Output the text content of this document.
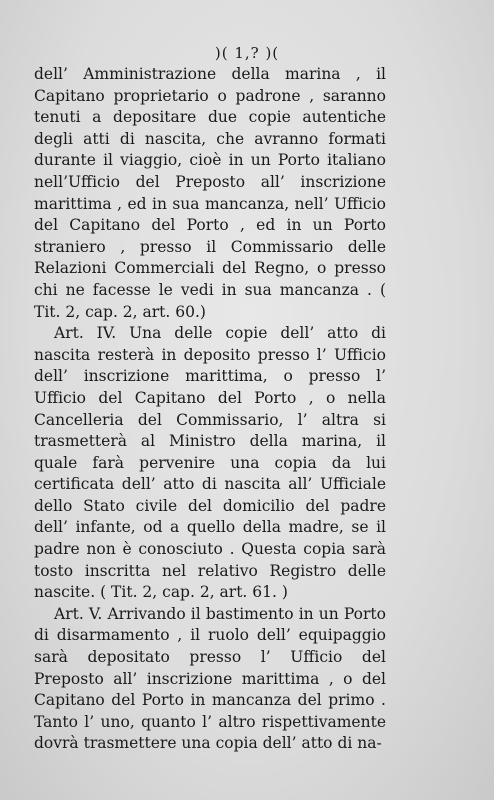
)( 1,? )(

dell’ Amministrazione della marina , il Capitano proprietario o padrone , saranno tenuti a depositare due copie autentiche degli atti di nascita, che avranno formati durante il viaggio, cioè in un Porto italiano nell’Ufficio del Preposto all’ inscrizione marittima , ed in sua mancanza, nell’ Ufficio del Capitano del Porto , ed in un Porto straniero , presso il Commissario delle Relazioni Commerciali del Regno, o presso chi ne facesse le vedi in sua mancanza . ( Tit. 2, cap. 2, art. 60.)

Art. IV. Una delle copie dell’ atto di nascita resterà in deposito presso l’ Ufficio dell’ inscrizione marittima, o presso l’ Ufficio del Capitano del Porto , o nella Cancelleria del Commissario, l’ altra si trasmetterà al Ministro della marina, il quale farà pervenire una copia da lui certificata dell’ atto di nascita all’ Ufficiale dello Stato civile del domicilio del padre dell’ infante, od a quello della madre, se il padre non è conosciuto . Questa copia sarà tosto inscritta nel relativo Registro delle nascite. ( Tit. 2, cap. 2, art. 61. )

Art. V. Arrivando il bastimento in un Porto di disarmamento , il ruolo dell’ equipaggio sarà depositato presso l’ Ufficio del Preposto all’ inscrizione marittima , o del Capitano del Porto in mancanza del primo . Tanto l’ uno, quanto l’ altro rispettivamente dovrà trasmettere una copia dell’ atto di na-
